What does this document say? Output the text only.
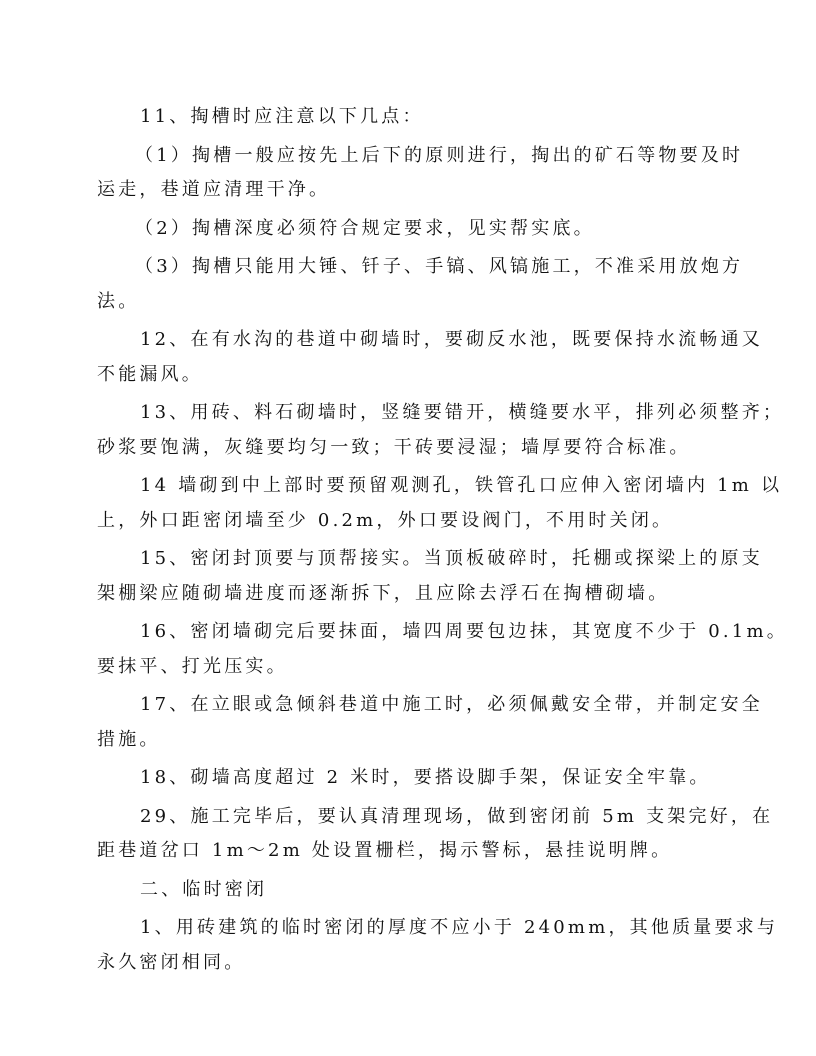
11、掏槽时应注意以下几点：

（1）掏槽一般应按先上后下的原则进行，掏出的矿石等物要及时
运走，巷道应清理干净。

（2）掏槽深度必须符合规定要求，见实帮实底。

（3）掏槽只能用大锤、钎子、手镐、风镐施工，不准采用放炮方
法。

12、在有水沟的巷道中砌墙时，要砌反水池，既要保持水流畅通又
不能漏风。

13、用砖、料石砌墙时，竖缝要错开，横缝要水平，排列必须整齐；
砂浆要饱满，灰缝要均匀一致；干砖要浸湿；墙厚要符合标准。

14 墙砌到中上部时要预留观测孔，铁管孔口应伸入密闭墙内 1m 以
上，外口距密闭墙至少 0.2m，外口要设阀门，不用时关闭。

15、密闭封顶要与顶帮接实。当顶板破碎时，托棚或探梁上的原支
架棚梁应随砌墙进度而逐渐拆下，且应除去浮石在掏槽砌墙。

16、密闭墙砌完后要抹面，墙四周要包边抹，其宽度不少于 0.1m。
要抹平、打光压实。

17、在立眼或急倾斜巷道中施工时，必须佩戴安全带，并制定安全
措施。

18、砌墙高度超过 2 米时，要搭设脚手架，保证安全牢靠。

29、施工完毕后，要认真清理现场，做到密闭前 5m 支架完好，在
距巷道岔口 1m～2m 处设置栅栏，揭示警标，悬挂说明牌。

二、临时密闭

1、用砖建筑的临时密闭的厚度不应小于 240mm，其他质量要求与
永久密闭相同。
